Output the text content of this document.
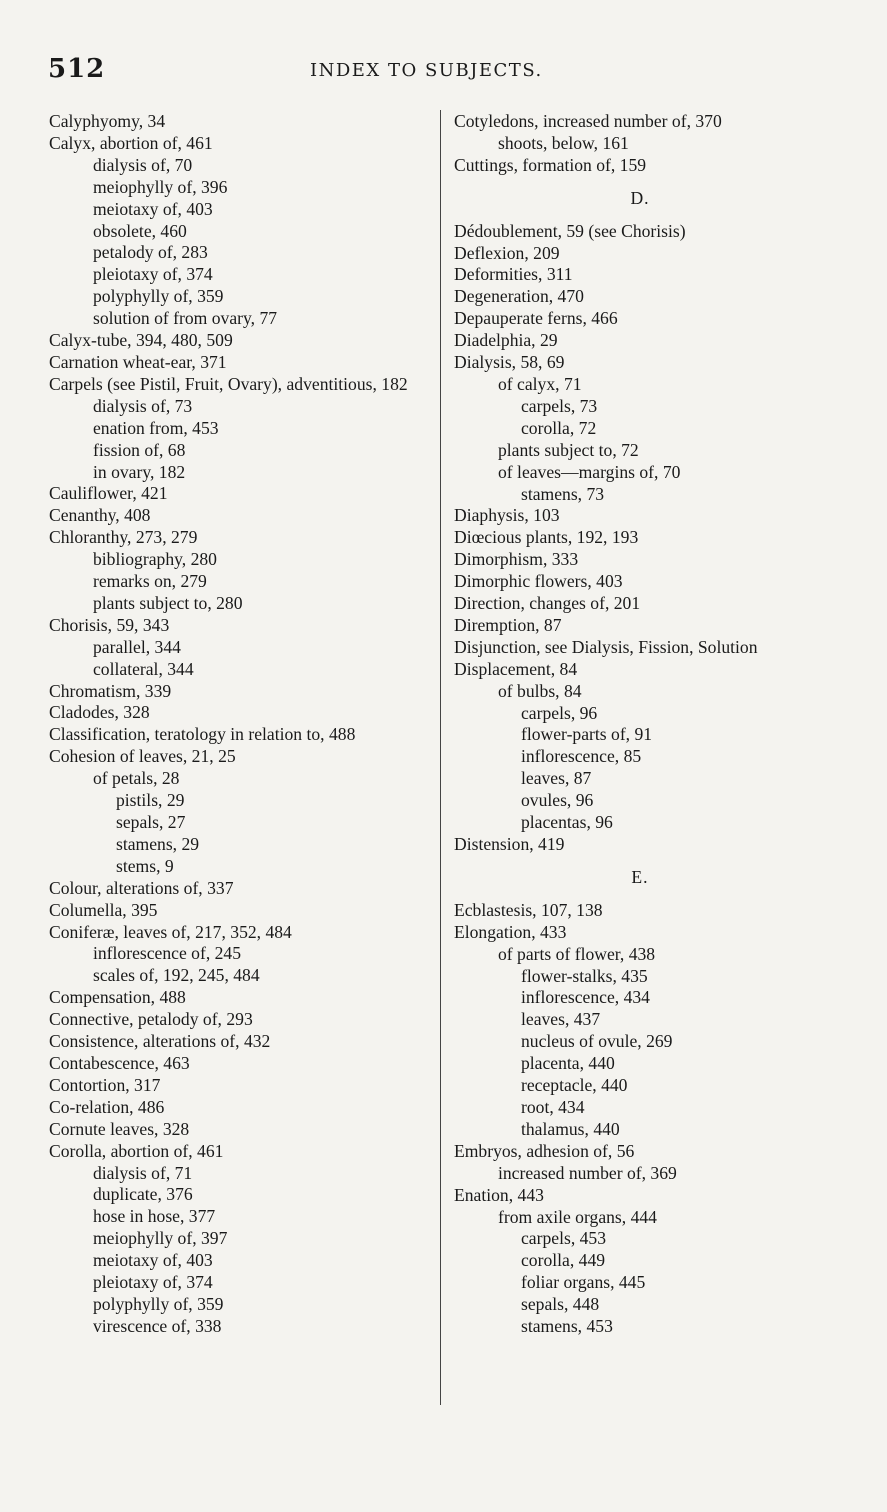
512	INDEX TO SUBJECTS.
Calyphyomy, 34
Calyx, abortion of, 461
dialysis of, 70
meiophylly of, 396
meiotaxy of, 403
obsolete, 460
petalody of, 283
pleiotaxy of, 374
polyphylly of, 359
solution of from ovary, 77
Calyx-tube, 394, 480, 509
Carnation wheat-ear, 371
Carpels (see Pistil, Fruit, Ovary), adventitious, 182
dialysis of, 73
enation from, 453
fission of, 68
in ovary, 182
Cauliflower, 421
Cenanthy, 408
Chloranthy, 273, 279
bibliography, 280
remarks on, 279
plants subject to, 280
Chorisis, 59, 343
parallel, 344
collateral, 344
Chromatism, 339
Cladodes, 328
Classification, teratology in relation to, 488
Cohesion of leaves, 21, 25
of petals, 28
pistils, 29
sepals, 27
stamens, 29
stems, 9
Colour, alterations of, 337
Columella, 395
Coniferæ, leaves of, 217, 352, 484
inflorescence of, 245
scales of, 192, 245, 484
Compensation, 488
Connective, petalody of, 293
Consistence, alterations of, 432
Contabescence, 463
Contortion, 317
Co-relation, 486
Cornute leaves, 328
Corolla, abortion of, 461
dialysis of, 71
duplicate, 376
hose in hose, 377
meiophylly of, 397
meiotaxy of, 403
pleiotaxy of, 374
polyphylly of, 359
virescence of, 338
Cotyledons, increased number of, 370
shoots, below, 161
Cuttings, formation of, 159
D.
Dédoublement, 59 (see Chorisis)
Deflexion, 209
Deformities, 311
Degeneration, 470
Depauperate ferns, 466
Diadelphia, 29
Dialysis, 58, 69
of calyx, 71
carpels, 73
corolla, 72
plants subject to, 72
of leaves—margins of, 70
stamens, 73
Diaphysis, 103
Diœcious plants, 192, 193
Dimorphism, 333
Dimorphic flowers, 403
Direction, changes of, 201
Diremption, 87
Disjunction, see Dialysis, Fission, Solution
Displacement, 84
of bulbs, 84
carpels, 96
flower-parts of, 91
inflorescence, 85
leaves, 87
ovules, 96
placentas, 96
Distension, 419
E.
Ecblastesis, 107, 138
Elongation, 433
of parts of flower, 438
flower-stalks, 435
inflorescence, 434
leaves, 437
nucleus of ovule, 269
placenta, 440
receptacle, 440
root, 434
thalamus, 440
Embryos, adhesion of, 56
increased number of, 369
Enation, 443
from axile organs, 444
carpels, 453
corolla, 449
foliar organs, 445
sepals, 448
stamens, 453
